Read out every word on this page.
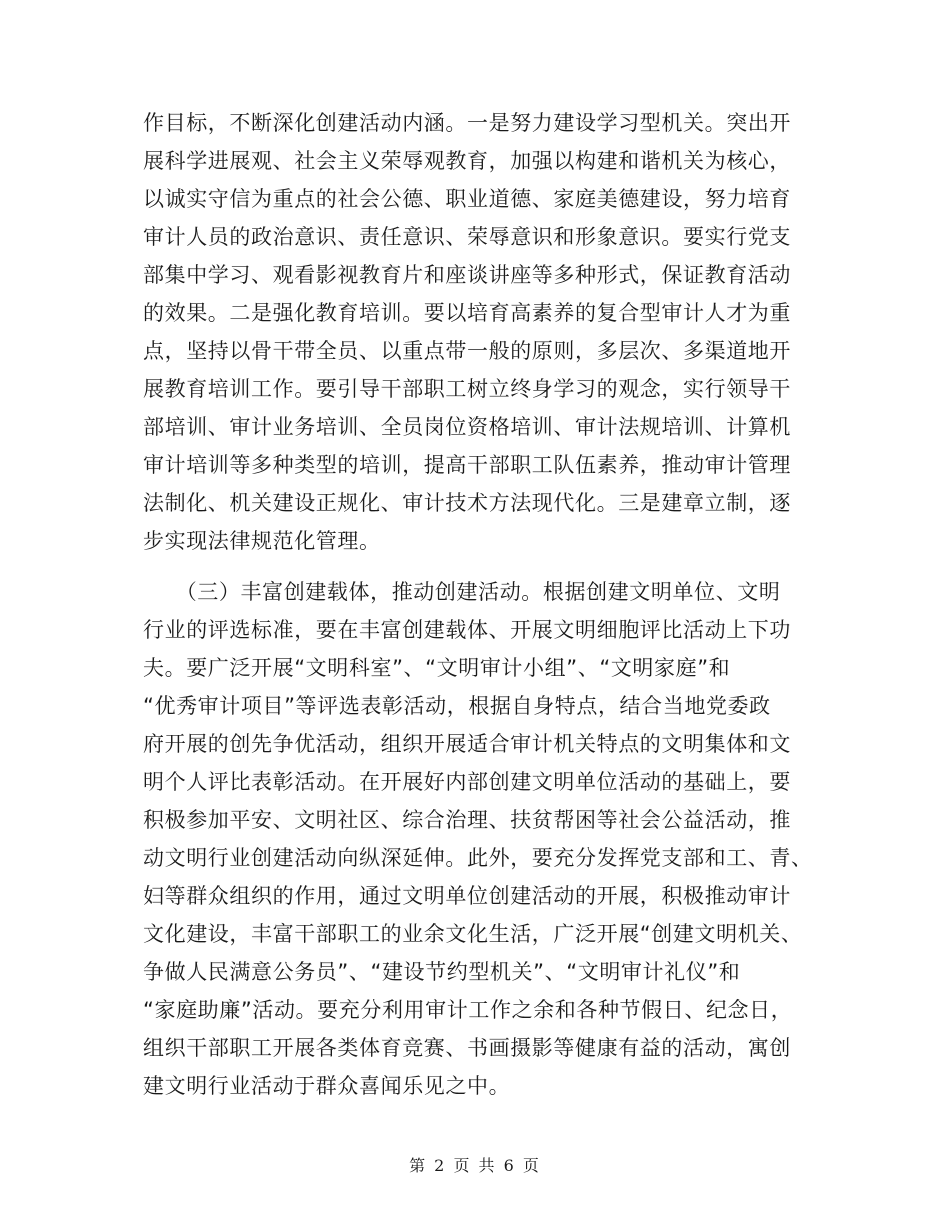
作目标，不断深化创建活动内涵。一是努力建设学习型机关。突出开
展科学进展观、社会主义荣辱观教育，加强以构建和谐机关为核心，
以诚实守信为重点的社会公德、职业道德、家庭美德建设，努力培育
审计人员的政治意识、责任意识、荣辱意识和形象意识。要实行党支
部集中学习、观看影视教育片和座谈讲座等多种形式，保证教育活动
的效果。二是强化教育培训。要以培育高素养的复合型审计人才为重
点，坚持以骨干带全员、以重点带一般的原则，多层次、多渠道地开
展教育培训工作。要引导干部职工树立终身学习的观念，实行领导干
部培训、审计业务培训、全员岗位资格培训、审计法规培训、计算机
审计培训等多种类型的培训，提高干部职工队伍素养，推动审计管理
法制化、机关建设正规化、审计技术方法现代化。三是建章立制，逐
步实现法律规范化管理。
　　（三）丰富创建载体，推动创建活动。根据创建文明单位、文明
行业的评选标准，要在丰富创建载体、开展文明细胞评比活动上下功
夫。要广泛开展“文明科室”、“文明审计小组”、“文明家庭”和
“优秀审计项目”等评选表彰活动，根据自身特点，结合当地党委政
府开展的创先争优活动，组织开展适合审计机关特点的文明集体和文
明个人评比表彰活动。在开展好内部创建文明单位活动的基础上，要
积极参加平安、文明社区、综合治理、扶贫帮困等社会公益活动，推
动文明行业创建活动向纵深延伸。此外，要充分发挥党支部和工、青、
妇等群众组织的作用，通过文明单位创建活动的开展，积极推动审计
文化建设，丰富干部职工的业余文化生活，广泛开展“创建文明机关、
争做人民满意公务员”、“建设节约型机关”、“文明审计礼仪”和
“家庭助廉”活动。要充分利用审计工作之余和各种节假日、纪念日，
组织干部职工开展各类体育竞赛、书画摄影等健康有益的活动，寓创
建文明行业活动于群众喜闻乐见之中。
第 2 页 共 6 页
